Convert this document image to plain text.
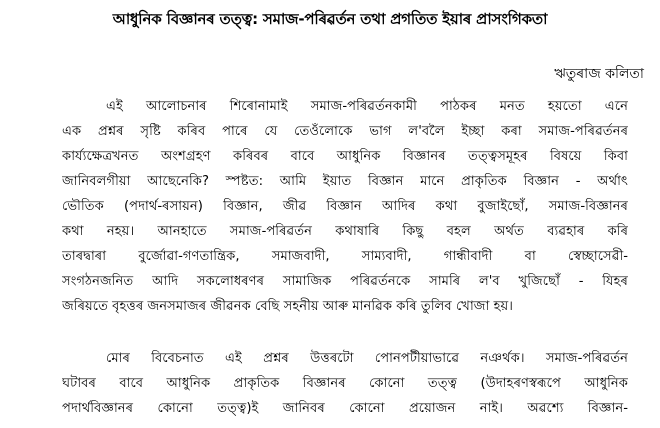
আধুনিক বিজ্ঞানৰ তত্ত্ব: সমাজ-পৰিৱৰ্তন তথা প্ৰগতিত ইয়াৰ প্ৰাসংগিকতা
ঋতুৰাজ কলিতা
এই আলোচনাৰ শিৰোনামাই সমাজ-পৰিৱৰ্তনকামী পাঠকৰ মনত হয়তো এনে
এক প্ৰশ্নৰ সৃষ্টি কৰিব পাৰে যে তেওঁলোকে ভাগ ল'বলৈ ইচ্ছা কৰা সমাজ-পৰিৱৰ্তনৰ
কাৰ্য্যক্ষেত্ৰখনত অংশগ্ৰহণ কৰিবৰ বাবে আধুনিক বিজ্ঞানৰ তত্ত্বসমূহৰ বিষয়ে কিবা
জানিবলগীয়া আছেনেকি? স্পষ্টত: আমি ইয়াত বিজ্ঞান মানে প্ৰাকৃতিক বিজ্ঞান - অৰ্থাৎ
ভৌতিক (পদাৰ্থ-ৰসায়ন) বিজ্ঞান, জীৱ বিজ্ঞান আদিৰ কথা বুজাইছোঁ, সমাজ-বিজ্ঞানৰ
কথা নহয়। আনহাতে সমাজ-পৰিৱৰ্তন কথাষাৰি কিছু বহল অৰ্থত ব্যৱহাৰ কৰি
তাৰদ্বাৰা বুৰ্জোৱা-গণতান্ত্ৰিক, সমাজবাদী, সাম্যবাদী, গান্ধীবাদী বা স্বেচ্ছাসেৱী-
সংগঠনজনিত আদি সকলোধৰণৰ সামাজিক পৰিৱৰ্তনকে সামৰি ল'ব খুজিছোঁ - যিহৰ
জৰিয়তে বৃহত্তৰ জনসমাজৰ জীৱনক বেছি সহনীয় আৰু মানৱিক কৰি তুলিব খোজা হয়।
মোৰ বিবেচনাত এই প্ৰশ্নৰ উত্তৰটো পোনপটীয়াভাৱে নঞৰ্থক। সমাজ-পৰিৱৰ্তন
ঘটাবৰ বাবে আধুনিক প্ৰাকৃতিক বিজ্ঞানৰ কোনো তত্ত্ব (উদাহৰণস্বৰূপে আধুনিক
পদাৰ্থবিজ্ঞানৰ কোনো তত্ত্ব)ই জানিবৰ কোনো প্ৰয়োজন নাই। অৱশ্যে বিজ্ঞান-
